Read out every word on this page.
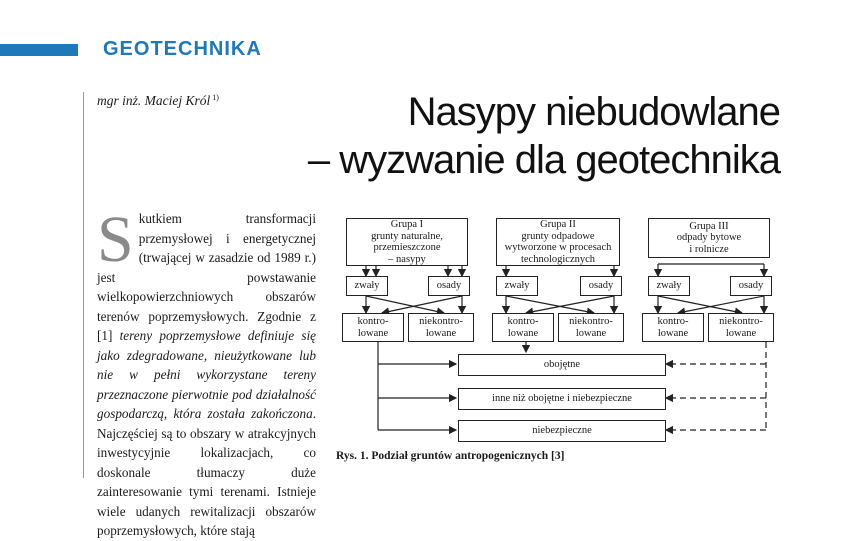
GEOTECHNIKA
mgr inż. Maciej Król $^{1)}$	Nasypy niebudowlane
– wyzwanie dla geotechnika
Skutkiem transformacji przemysłowej i energetycznej (trwającej w zasadzie od 1989 r.) jest powstawanie wielkopowierzchniowych obszarów terenów poprzemysłowych. Zgodnie z [1] tereny poprzemysłowe definiuje się jako zdegradowane, nieużytkowane lub nie w pełni wykorzystane tereny przeznaczone pierwotnie pod działalność gospodarczą, która została zakończona. Najczęściej są to obszary w atrakcyjnych inwestycyjnie lokalizacjach, co doskonale tłumaczy duże zainteresowanie tymi terenami. Istnieje wiele udanych rewitalizacji obszarów poprzemysłowych, które stają
Grupa I
grunty naturalne,
przemieszczone
– nasypy
Grupa II
grunty odpadowe
wytworzone w procesach
technologicznych
Grupa III
odpady bytowe
i rolnicze
zwały	osady	zwały	osady	zwały	osady
kontro-
lowane
niekontro-
lowane
kontro-
lowane
niekontro-
lowane
kontro-
lowane
niekontro-
lowane
obojętne
inne niż obojętne i niebezpieczne
niebezpieczne
Rys. 1. Podział gruntów antropogenicznych [3]
